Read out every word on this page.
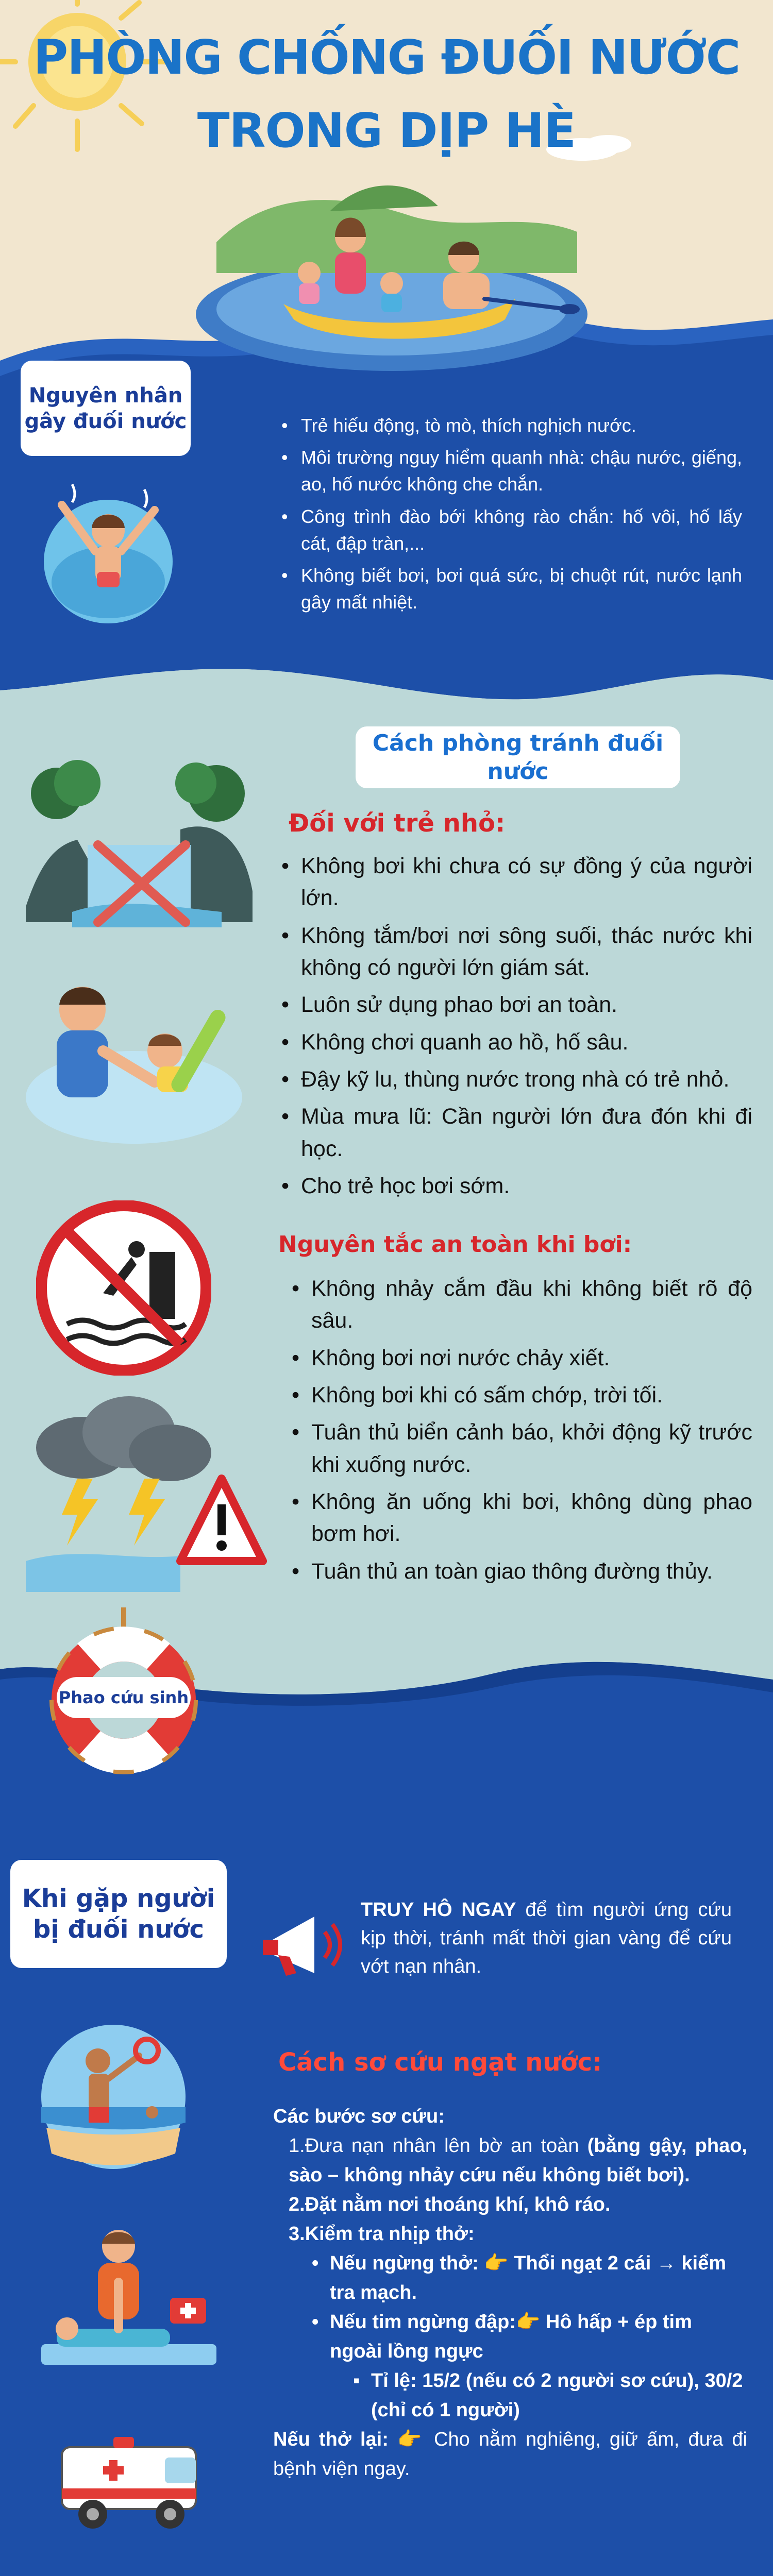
PHÒNG CHỐNG ĐUỐI NƯỚC
TRONG DỊP HÈ
Nguyên nhân
gây đuối nước
•	Trẻ hiếu động, tò mò, thích nghịch nước.
• Môi trường nguy hiểm quanh nhà: chậu nước, giếng, ao, hố nước không che chắn.
• Công trình đào bới không rào chắn: hố vôi, hố lấy cát, đập tràn,...
• Không biết bơi, bơi quá sức, bị chuột rút, nước lạnh gây mất nhiệt.
Cách phòng tránh đuối nước
Đối với trẻ nhỏ:
• Không bơi khi chưa có sự đồng ý của người lớn.
• Không tắm/bơi nơi sông suối, thác nước khi không có người lớn giám sát.
• Luôn sử dụng phao bơi an toàn.
• Không chơi quanh ao hồ, hố sâu.
• Đậy kỹ lu, thùng nước trong nhà có trẻ nhỏ.
• Mùa mưa lũ: Cần người lớn đưa đón khi đi học.
• Cho trẻ học bơi sớm.
Nguyên tắc an toàn khi bơi:
• Không nhảy cắm đầu khi không biết rõ độ sâu.
• Không bơi nơi nước chảy xiết.
• Không bơi khi có sấm chớp, trời tối.
• Tuân thủ biển cảnh báo, khởi động kỹ trước khi xuống nước.
• Không ăn uống khi bơi, không dùng phao bơm hơi.
• Tuân thủ an toàn giao thông đường thủy.
Phao cứu sinh
Khi gặp người
bị đuối nước
TRUY HÔ NGAY để tìm người ứng cứu kịp thời, tránh mất thời gian vàng để cứu vớt nạn nhân.
Cách sơ cứu ngạt nước:
Các bước sơ cứu:
1.Đưa nạn nhân lên bờ an toàn (bằng gậy, phao, sào – không nhảy cứu nếu không biết bơi).
2.Đặt nằm nơi thoáng khí, khô ráo.
3.Kiểm tra nhịp thở:
• Nếu ngừng thở: 👉 Thổi ngạt 2 cái → kiểm tra mạch.
• Nếu tim ngừng đập:👉 Hô hấp + ép tim ngoài lồng ngực
▪ Tỉ lệ: 15/2 (nếu có 2 người sơ cứu), 30/2 (chỉ có 1 người)
Nếu thở lại: 👉 Cho nằm nghiêng, giữ ấm, đưa đi bệnh viện ngay.
